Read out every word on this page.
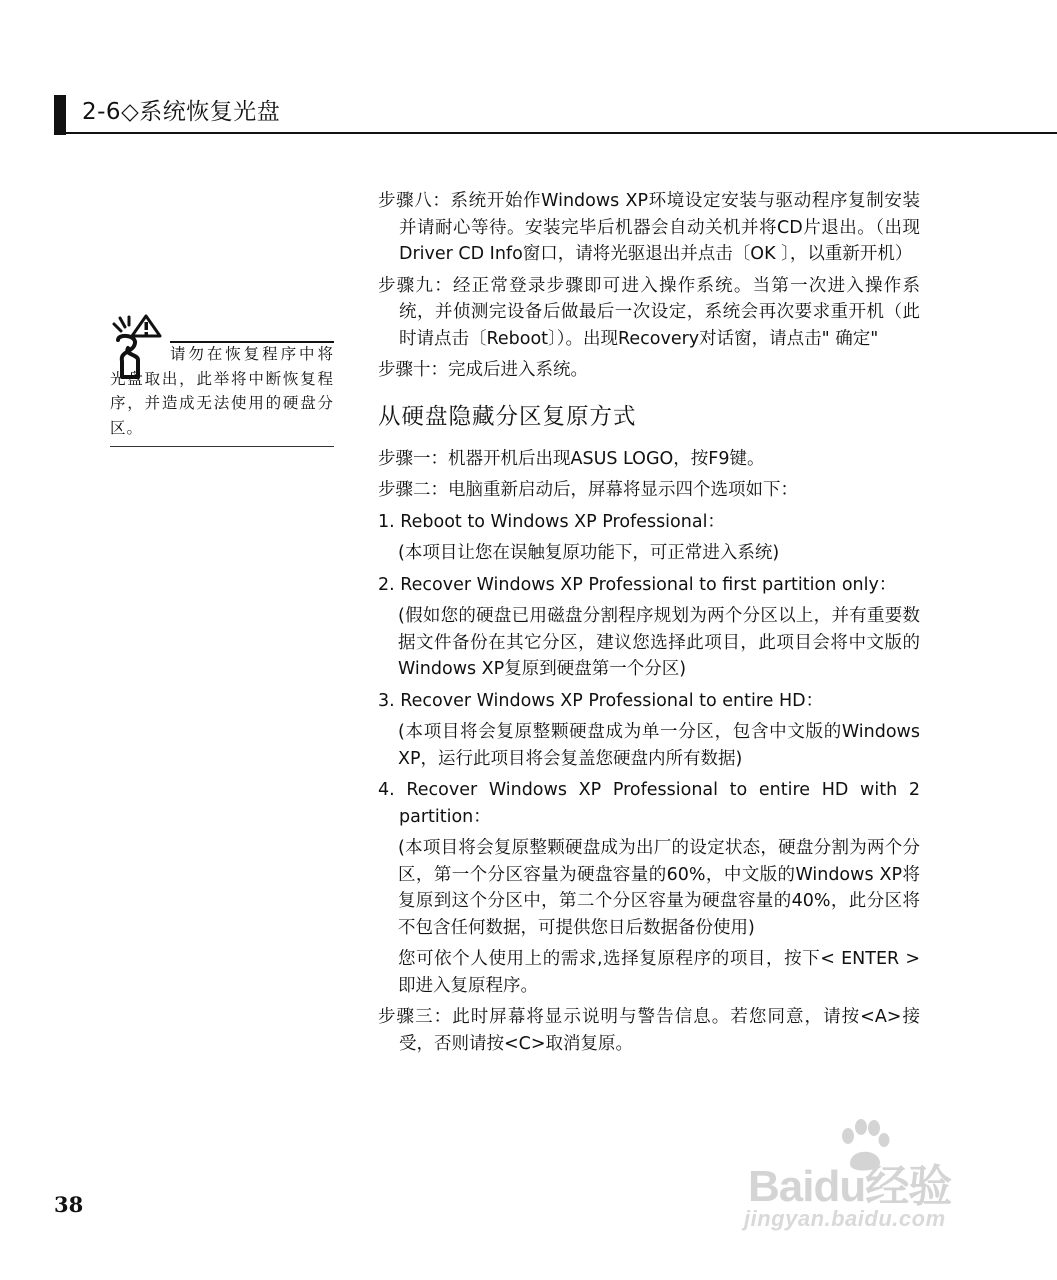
2-6◇系统恢复光盘
请勿在恢复程序中将光盘取出，此举将中断恢复程序，并造成无法使用的硬盘分区。

步骤八：系统开始作Windows XP环境设定安装与驱动程序复制安装并请耐心等待。安装完毕后机器会自动关机并将CD片退出。（出现Driver CD Info窗口，请将光驱退出并点击〔OK 〕，以重新开机）

步骤九：经正常登录步骤即可进入操作系统。当第一次进入操作系统，并侦测完设备后做最后一次设定，系统会再次要求重开机（此时请点击〔Reboot〕）。出现Recovery对话窗，请点击" 确定"

步骤十：完成后进入系统。

从硬盘隐藏分区复原方式

步骤一：机器开机后出现ASUS LOGO，按F9键。

步骤二：电脑重新启动后，屏幕将显示四个选项如下：

1. Reboot to Windows XP Professional：

(本项目让您在误触复原功能下，可正常进入系统)

2. Recover Windows XP Professional to first partition only：

(假如您的硬盘已用磁盘分割程序规划为两个分区以上，并有重要数据文件备份在其它分区，建议您选择此项目，此项目会将中文版的Windows XP复原到硬盘第一个分区)

3. Recover Windows XP Professional to entire HD：

(本项目将会复原整颗硬盘成为单一分区，包含中文版的Windows XP，运行此项目将会复盖您硬盘内所有数据)

4. Recover Windows XP Professional to entire HD with 2 partition：

(本项目将会复原整颗硬盘成为出厂的设定状态，硬盘分割为两个分区，第一个分区容量为硬盘容量的60%，中文版的Windows XP将复原到这个分区中，第二个分区容量为硬盘容量的40%，此分区将不包含任何数据，可提供您日后数据备份使用)

您可依个人使用上的需求,选择复原程序的项目，按下< ENTER >即进入复原程序。

步骤三：此时屏幕将显示说明与警告信息。若您同意，请按<A>接受，否则请按<C>取消复原。

38	Baidu经验
jingyan.baidu.com
